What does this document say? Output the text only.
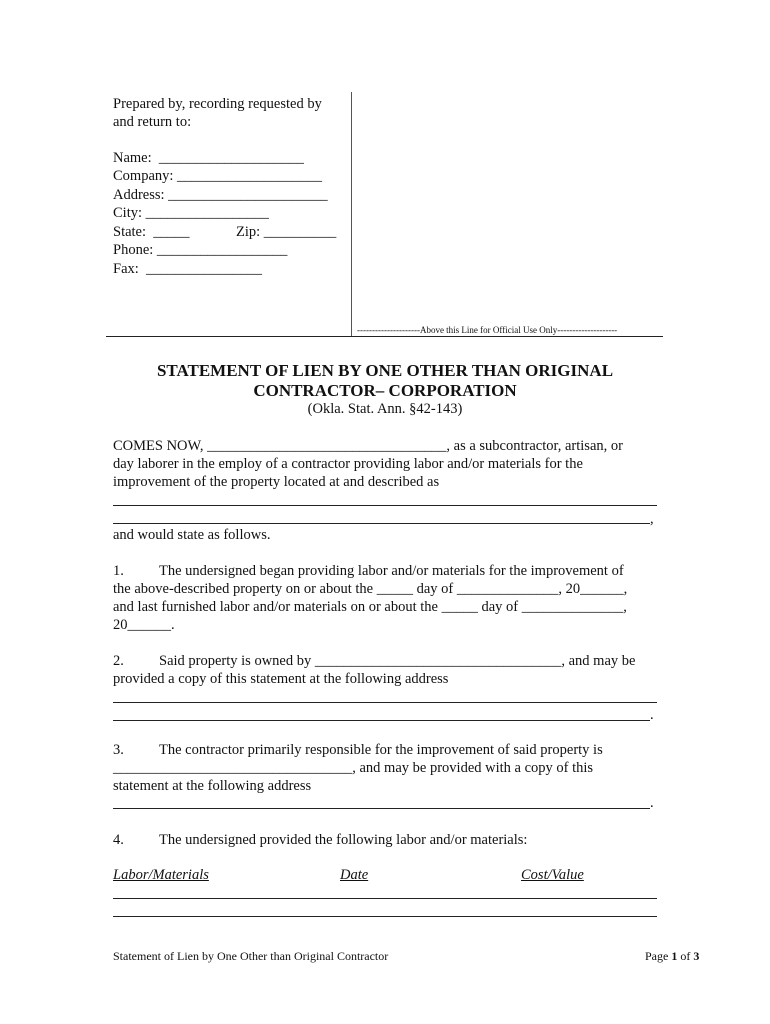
Prepared by, recording requested by
and return to:
Name:  ____________________
Company: ____________________
Address: ______________________
City: _________________
State:  _____	Zip: __________
Phone: __________________
Fax:  ________________
---------------------Above this Line for Official Use Only--------------------
STATEMENT OF LIEN BY ONE OTHER THAN ORIGINAL
CONTRACTOR– CORPORATION
(Okla. Stat. Ann. §42-143)
COMES NOW, _________________________________, as a subcontractor, artisan, or
day laborer in the employ of a contractor providing labor and/or materials for the
improvement of the property located at and described as
,
and would state as follows.
1. The undersigned began providing labor and/or materials for the improvement of
the above-described property on or about the _____ day of ______________, 20______,
and last furnished labor and/or materials on or about the _____ day of ______________,
20______.
2. Said property is owned by __________________________________, and may be
provided a copy of this statement at the following address
.
3. The contractor primarily responsible for the improvement of said property is
_________________________________, and may be provided with a copy of this
statement at the following address
.
4. The undersigned provided the following labor and/or materials:
Labor/Materials	Date	Cost/Value
Statement of Lien by One Other than Original Contractor	Page 1 of 3
